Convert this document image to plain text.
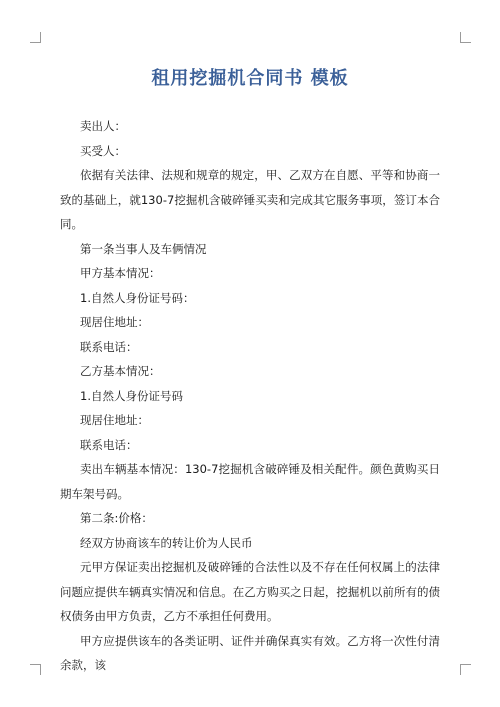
租用挖掘机合同书 模板

卖出人：

买受人：

依据有关法律、法规和规章的规定，甲、乙双方在自愿、平等和协商一致的基础上，就130-7挖掘机含破碎锤买卖和完成其它服务事项，签订本合同。

第一条当事人及车俩情况

甲方基本情况：

1.自然人身份证号码：

现居住地址：

联系电话：

乙方基本情况：

1.自然人身份证号码

现居住地址：

联系电话：

卖出车辆基本情况：130-7挖掘机含破碎锤及相关配件。颜色黄购买日期车架号码。

第二条:价格：

经双方协商该车的转让价为人民币

元甲方保证卖出挖掘机及破碎锤的合法性以及不存在任何权属上的法律问题应提供车辆真实情况和信息。在乙方购买之日起，挖掘机以前所有的债权债务由甲方负责，乙方不承担任何费用。

甲方应提供该车的各类证明、证件并确保真实有效。乙方将一次性付清余款，该
